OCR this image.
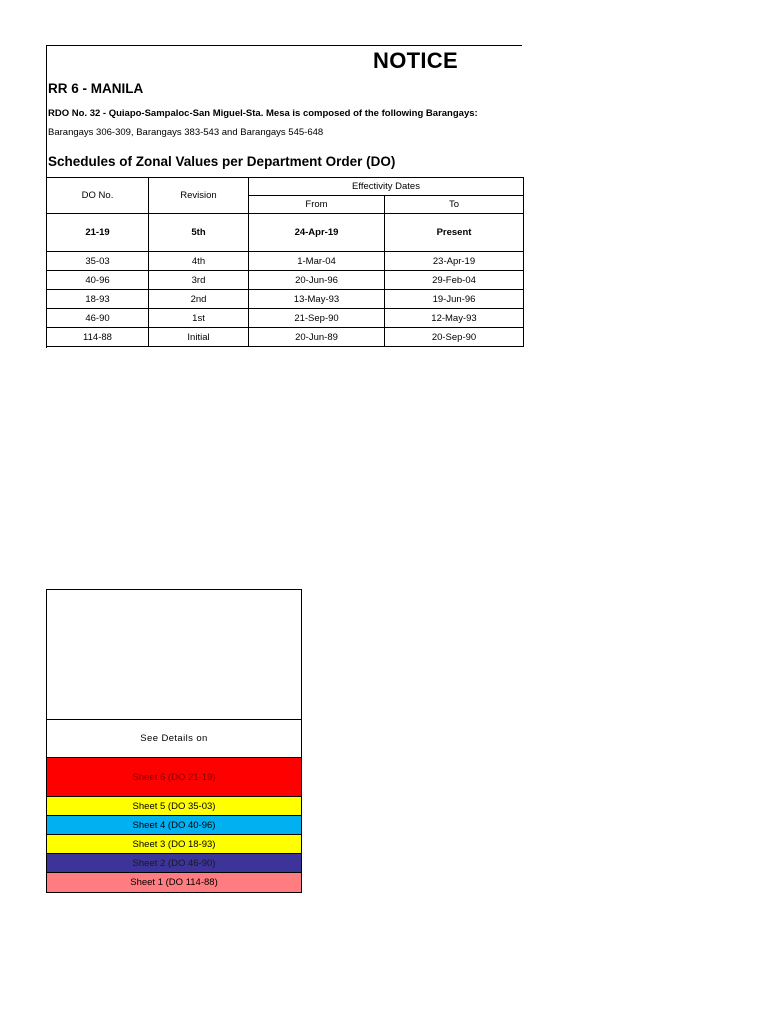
NOTICE
RR 6 - MANILA
RDO No. 32 - Quiapo-Sampaloc-San Miguel-Sta. Mesa is composed of the following Barangays:
Barangays 306-309, Barangays 383-543 and Barangays 545-648
Schedules of Zonal Values per Department Order (DO)
DO No.	Revision	Effectivity Dates	
		From	To
21-19	5th	24-Apr-19	Present
35-03	4th	1-Mar-04	23-Apr-19
40-96	3rd	20-Jun-96	29-Feb-04
18-93	2nd	13-May-93	19-Jun-96
46-90	1st	21-Sep-90	12-May-93
114-88	Initial	20-Jun-89	20-Sep-90
See Details on
Sheet 6 (DO 21-19)
Sheet 5 (DO 35-03)
Sheet 4 (DO 40-96)
Sheet 3 (DO 18-93)
Sheet 2 (DO 46-90)
Sheet 1 (DO 114-88)
